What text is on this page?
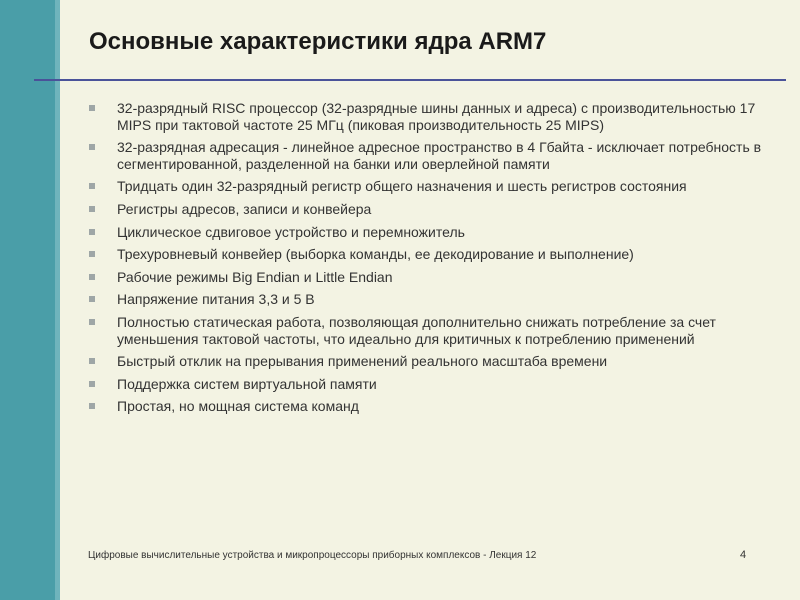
Основные характеристики ядра ARM7
32-разрядный RISC процессор (32-разрядные шины данных и адреса) с производительностью 17 MIPS при тактовой частоте 25 МГц (пиковая производительность 25 MIPS)
32-разрядная адресация - линейное адресное пространство в 4 Гбайта - исключает потребность в сегментированной, разделенной на банки или оверлейной памяти
Тридцать один 32-разрядный регистр общего назначения и шесть регистров состояния
Регистры адресов, записи и конвейера
Циклическое сдвиговое устройство и перемножитель
Трехуровневый конвейер (выборка команды, ее декодирование и выполнение)
Рабочие режимы Big Endian и Little Endian
Напряжение питания 3,3 и 5 В
Полностью статическая работа, позволяющая дополнительно снижать потребление за счет уменьшения тактовой частоты, что идеально для критичных к потреблению применений
Быстрый отклик на прерывания применений реального масштаба времени
Поддержка систем виртуальной памяти
Простая, но мощная система команд
Цифровые вычислительные устройства и микропроцессоры приборных комплексов - Лекция 12	4
